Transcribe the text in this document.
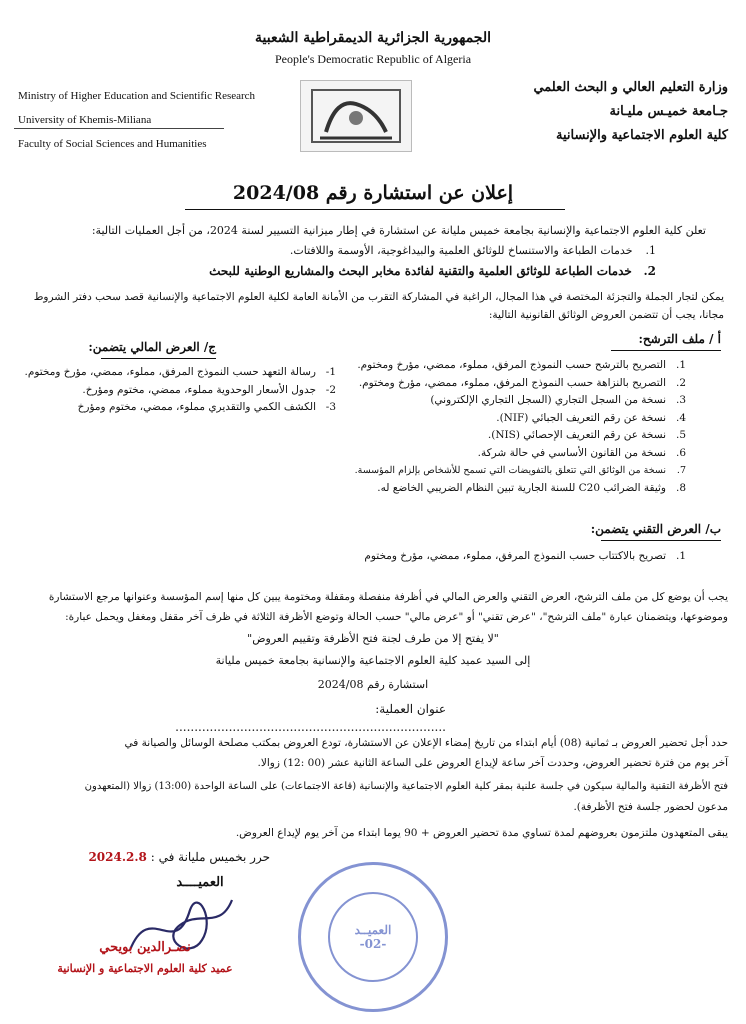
الجمهورية الجزائرية الديمقراطية الشعبية
People's Democratic Republic of Algeria
Ministry of Higher Education and Scientific Research
University of Khemis-Miliana
Faculty of Social Sciences and Humanities
وزارة التعليم العالي و البحث العلمي
جـامعة خميـس مليـانة
كلية العلوم الاجتماعية والإنسانية
إعلان عن استشارة رقم 2024/08
تعلن كلية العلوم الاجتماعية والإنسانية بجامعة خميس مليانة عن استشارة في إطار ميزانية التسيير لسنة 2024، من أجل العمليات التالية:
1. خدمات الطباعة والاستنساخ للوثائق العلمية والبيداغوجية، الأوسمة واللافتات.
2. خدمات الطباعة للوثائق العلمية والتقنية لفائدة مخابر البحث والمشاريع الوطنية للبحث
يمكن لتجار الجملة والتجزئة المختصة في هذا المجال، الراغبة في المشاركة التقرب من الأمانة العامة لكلية العلوم الاجتماعية والإنسانية قصد سحب دفتر الشروط
مجانا، يجب أن تتضمن العروض الوثائق القانونية التالية:
أ / ملف الترشح:
1.التصريح بالترشح حسب النموذج المرفق، مملوء، ممضي، مؤرخ ومختوم.
2.التصريح بالنزاهة حسب النموذج المرفق، مملوء، ممضي، مؤرخ ومختوم.
3.نسخة من السجل التجاري (السجل التجاري الإلكتروني)
4.نسخة عن رقم التعريف الجبائي (NIF).
5.نسخة عن رقم التعريف الإحصائي (NIS).
6.نسخة من القانون الأساسي في حالة شركة.
7.نسخة من الوثائق التي تتعلق بالتفويضات التي تسمح للأشخاص بإلزام المؤسسة.
8.وثيقة الضرائب C20 للسنة الجارية تبين النظام الضريبي الخاضع له.
ج/ العرض المالي يتضمن:
1-رسالة التعهد حسب النموذج المرفق، مملوء، ممضي، مؤرخ ومختوم.
2-جدول الأسعار الوحدوية مملوء، ممضي، مختوم ومؤرخ.
3-الكشف الكمي والتقديري مملوء، ممضي، مختوم ومؤرخ
ب/ العرض التقني يتضمن:
1.تصريح بالاكتتاب حسب النموذج المرفق، مملوء، ممضي، مؤرخ ومختوم
يجب أن يوضع كل من ملف الترشح، العرض التقني والعرض المالي في أظرفة منفصلة ومقفلة ومختومة يبين كل منها إسم المؤسسة وعنوانها مرجع الاستشارة
وموضوعها، ويتضمنان عبارة "ملف الترشح"، "عرض تقني" أو "عرض مالي" حسب الحالة وتوضع الأظرفة الثلاثة في ظرف آخر مقفل ومغفل ويحمل عبارة:
"لا يفتح إلا من طرف لجنة فتح الأظرفة وتقييم العروض"
إلى السيد عميد كلية العلوم الاجتماعية والإنسانية بجامعة خميس مليانة
استشارة رقم 2024/08
عنوان العملية: .......................................................................
حدد أجل تحضير العروض بـ ثمانية (08) أيام ابتداء من تاريخ إمضاء الإعلان عن الاستشارة، تودع العروض بمكتب مصلحة الوسائل والصيانة في
آخر يوم من فترة تحضير العروض، وحددت آخر ساعة لإيداع العروض على الساعة الثانية عشر (00 :12) زوالا.
فتح الأظرفة التقنية والمالية سيكون في جلسة علنية بمقر كلية العلوم الاجتماعية والإنسانية (قاعة الاجتماعات) على الساعة الواحدة (13:00) زوالا (المتعهدون
مدعون لحضور جلسة فتح الأظرفة).
يبقى المتعهدون ملتزمون بعروضهم لمدة تساوي مدة تحضير العروض + 90 يوما ابتداء من آخر يوم لإيداع العروض.
حرر بخميس مليانة في : 2024.2.8
العميــــد
نصـرالدين بويحي
عميد كلية العلوم الاجتماعية و الإنسانية
العميــد
-02-
